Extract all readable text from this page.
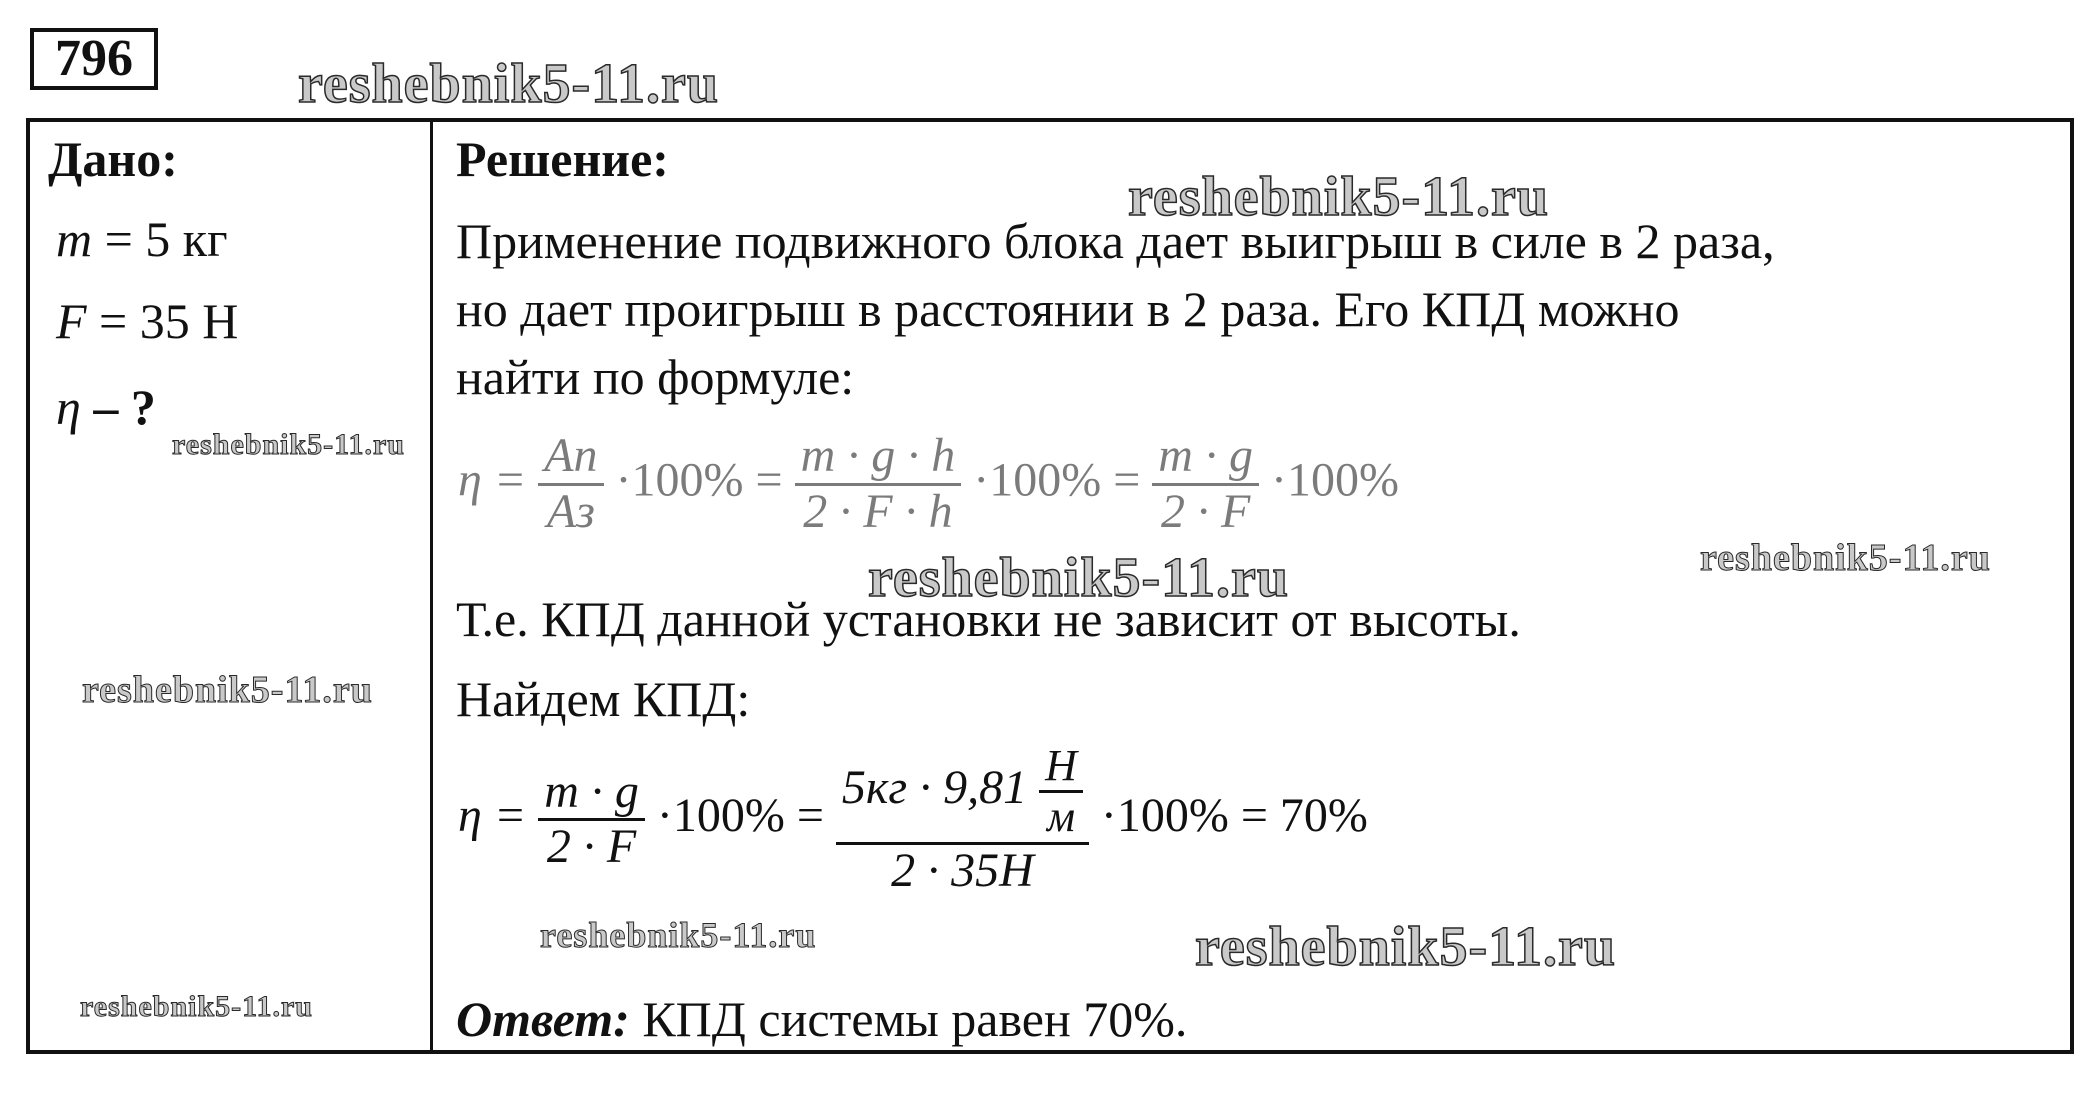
796	reshebnik5-11.ru
reshebnik5-11.ru
reshebnik5-11.ru
reshebnik5-11.ru	reshebnik5-11.ru
reshebnik5-11.ru
reshebnik5-11.ru	reshebnik5-11.ru
reshebnik5-11.ru
Дано:
m = 5 кг
F = 35 Н
η – ?
Решение:
Применение подвижного блока дает выигрыш в силе в 2 раза,
но дает проигрыш в расстоянии в 2 раза. Его КПД можно
найти по формуле:
$\eta = \frac{Aп}{Aз} \cdot 100\% = \frac{m \cdot g \cdot h}{2 \cdot F \cdot h} \cdot 100\% = \frac{m \cdot g}{2 \cdot F} \cdot 100\%$
Т.е. КПД данной установки не зависит от высоты.
Найдем КПД:
$\eta = \frac{m \cdot g}{2 \cdot F} \cdot 100\% = \frac{5кг \cdot 9,81 \frac{Н}{м}}{2 \cdot 35Н} \cdot 100\% = 70\%$
Ответ: КПД системы равен 70%.
